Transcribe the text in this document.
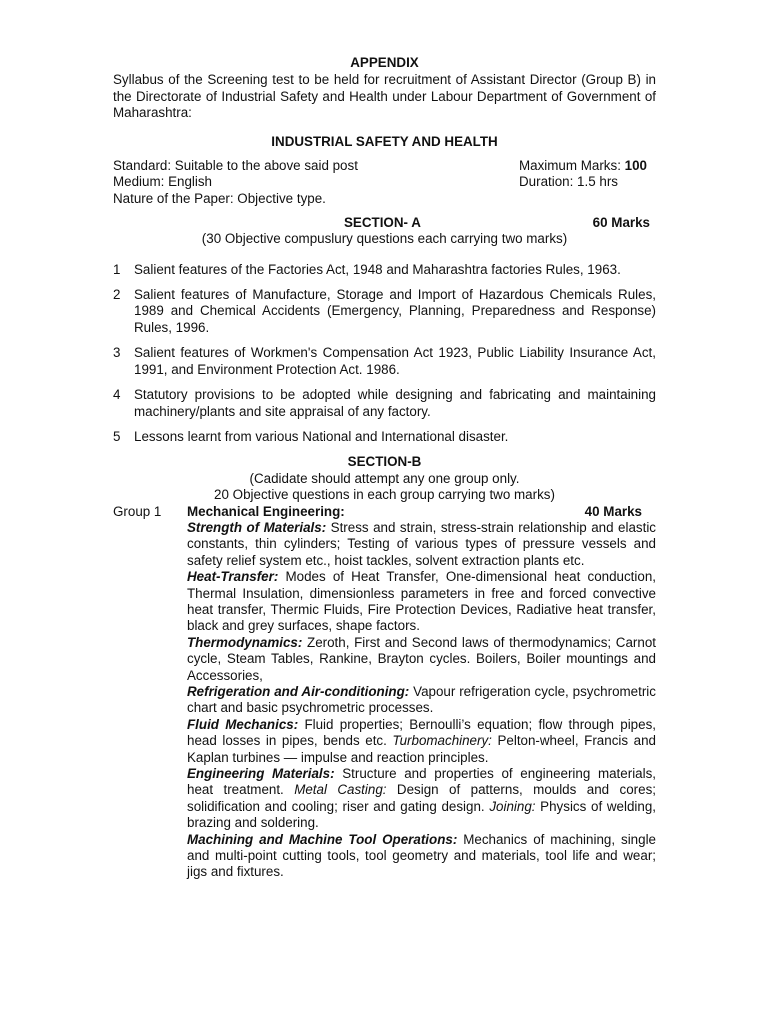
APPENDIX
Syllabus of the Screening test to be held for recruitment of Assistant Director (Group B) in the Directorate of Industrial Safety and Health under Labour Department of Government of Maharashtra:
INDUSTRIAL SAFETY AND HEALTH
Standard: Suitable to the above said post	Maximum Marks: 100
Medium: English	Duration: 1.5 hrs
Nature of the Paper: Objective type.
SECTION- A	60 Marks
(30 Objective compuslury questions each carrying two marks)
1	Salient features of the Factories Act, 1948 and Maharashtra factories Rules, 1963.
2	Salient features of Manufacture, Storage and Import of Hazardous Chemicals Rules, 1989 and Chemical Accidents (Emergency, Planning, Preparedness and Response) Rules, 1996.
3	Salient features of Workmen's Compensation Act 1923, Public Liability Insurance Act, 1991, and Environment Protection Act. 1986.
4	Statutory provisions to be adopted while designing and fabricating and maintaining machinery/plants and site appraisal of any factory.
5	Lessons learnt from various National and International disaster.
SECTION-B
(Cadidate should attempt any one group only.
20 Objective questions in each group carrying two marks)
Group 1	Mechanical Engineering:	40 Marks
Strength of Materials: Stress and strain, stress-strain relationship and elastic constants, thin cylinders; Testing of various types of pressure vessels and safety relief system etc., hoist tackles, solvent extraction plants etc.
Heat-Transfer: Modes of Heat Transfer, One-dimensional heat conduction, Thermal Insulation, dimensionless parameters in free and forced convective heat transfer, Thermic Fluids, Fire Protection Devices, Radiative heat transfer, black and grey surfaces, shape factors.
Thermodynamics: Zeroth, First and Second laws of thermodynamics; Carnot cycle, Steam Tables, Rankine, Brayton cycles. Boilers, Boiler mountings and Accessories,
Refrigeration and Air-conditioning: Vapour refrigeration cycle, psychrometric chart and basic psychrometric processes.
Fluid Mechanics: Fluid properties; Bernoulli’s equation; flow through pipes, head losses in pipes, bends etc. Turbomachinery: Pelton-wheel, Francis and Kaplan turbines — impulse and reaction principles.
Engineering Materials: Structure and properties of engineering materials, heat treatment. Metal Casting: Design of patterns, moulds and cores; solidification and cooling; riser and gating design. Joining: Physics of welding, brazing and soldering.
Machining and Machine Tool Operations: Mechanics of machining, single and multi-point cutting tools, tool geometry and materials, tool life and wear; jigs and fixtures.
